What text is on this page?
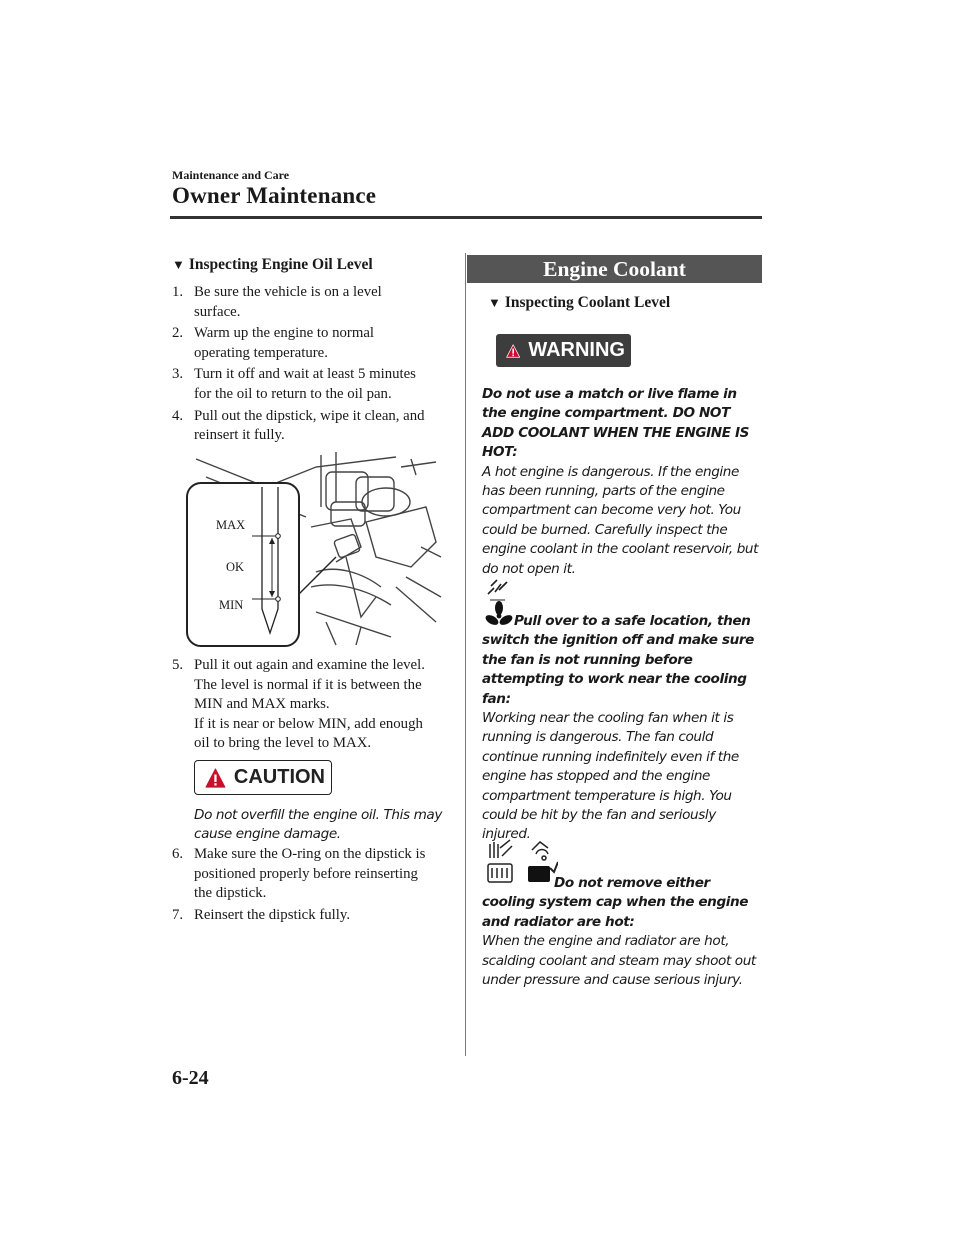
Maintenance and Care
Owner Maintenance
▼ Inspecting Engine Oil Level
1. Be sure the vehicle is on a level
surface.
2. Warm up the engine to normal
operating temperature.
3. Turn it off and wait at least 5 minutes
for the oil to return to the oil pan.
4. Pull out the dipstick, wipe it clean, and
reinsert it fully.
MAX
OK
MIN
5. Pull it out again and examine the level.
The level is normal if it is between the
MIN and MAX marks.
If it is near or below MIN, add enough
oil to bring the level to MAX.
CAUTION
Do not overfill the engine oil. This may cause engine damage.
6. Make sure the O-ring on the dipstick is
positioned properly before reinserting
the dipstick.
7. Reinsert the dipstick fully.
Engine Coolant
▼ Inspecting Coolant Level
WARNING
Do not use a match or live flame in the engine compartment. DO NOT ADD COOLANT WHEN THE ENGINE IS HOT:
A hot engine is dangerous. If the engine has been running, parts of the engine compartment can become very hot. You could be burned. Carefully inspect the engine coolant in the coolant reservoir, but do not open it.
Pull over to a safe location, then switch the ignition off and make sure the fan is not running before attempting to work near the cooling fan:
Working near the cooling fan when it is running is dangerous. The fan could continue running indefinitely even if the engine has stopped and the engine compartment temperature is high. You could be hit by the fan and seriously injured.
Do not remove either cooling system cap when the engine and radiator are hot:
When the engine and radiator are hot, scalding coolant and steam may shoot out under pressure and cause serious injury.
6-24
